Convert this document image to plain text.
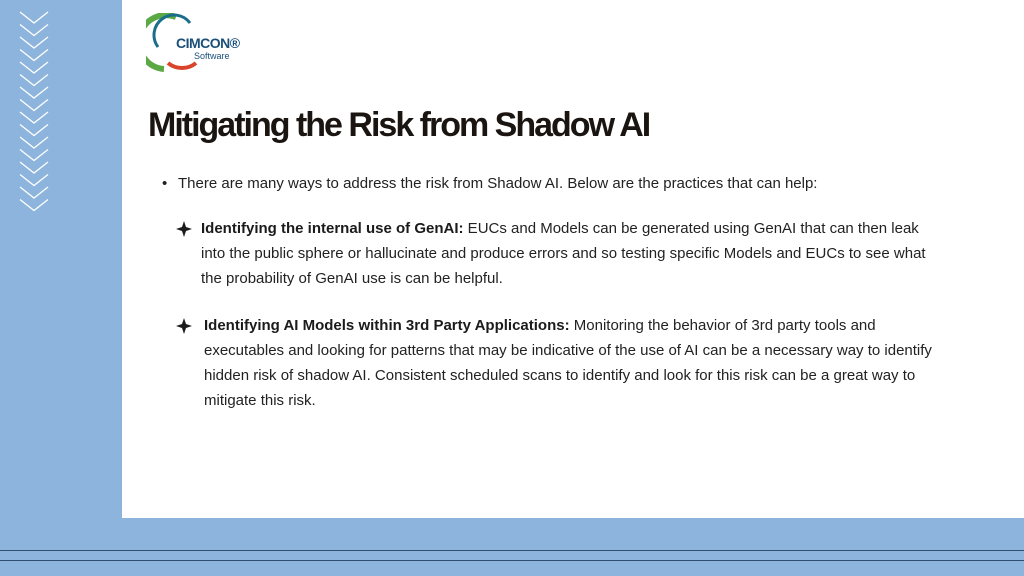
CIMCON®
Software
Mitigating the Risk from Shadow AI
• There are many ways to address the risk from Shadow AI. Below are the practices that can help:
Identifying the internal use of GenAI: EUCs and Models can be generated using GenAI that can then leak into the public sphere or hallucinate and produce errors and so testing specific Models and EUCs to see what the probability of GenAI use is can be helpful.
Identifying AI Models within 3rd Party Applications: Monitoring the behavior of 3rd party tools and executables and looking for patterns that may be indicative of the use of AI can be a necessary way to identify hidden risk of shadow AI. Consistent scheduled scans to identify and look for this risk can be a great way to mitigate this risk.
